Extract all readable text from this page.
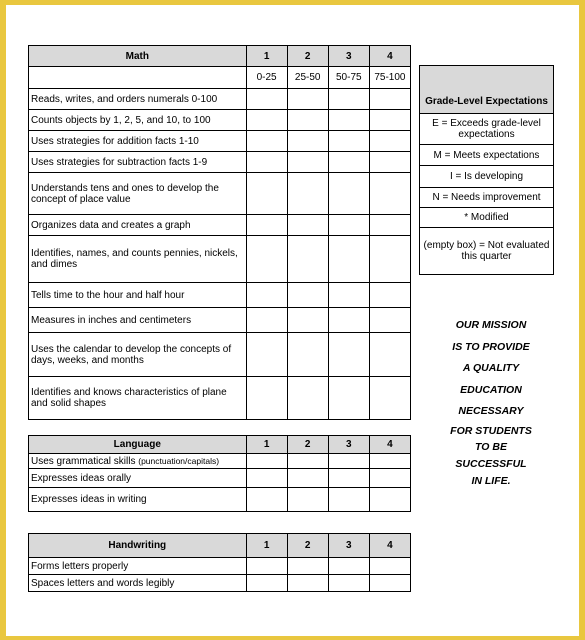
Math	1	2	3	4
	0-25	25-50	50-75	75-100
Reads, writes, and orders numerals 0-100				
Counts objects by 1, 2, 5, and 10, to 100				
Uses strategies for addition facts 1-10				
Uses strategies for subtraction facts 1-9				
Understands tens and ones to develop the concept of place value				
Organizes data and creates a graph				
Identifies, names, and counts pennies, nickels, and dimes				
Tells time to the hour and half hour				
Measures in inches and centimeters				
Uses the calendar to develop the concepts of days, weeks, and months				
Identifies and knows characteristics of plane and solid shapes				
Grade-Level Expectations
E = Exceeds grade-level expectations
M = Meets expectations
I = Is developing
N = Needs improvement
* Modified
(empty box) = Not evaluated this quarter
OUR MISSION
IS TO PROVIDE
A QUALITY
EDUCATION
NECESSARY
FOR STUDENTS
TO BE
SUCCESSFUL
IN LIFE.
Language	1	2	3	4
Uses grammatical skills (punctuation/capitals)				
Expresses ideas orally				
Expresses ideas in writing				
Handwriting	1	2	3	4
Forms letters properly				
Spaces letters and words legibly				
